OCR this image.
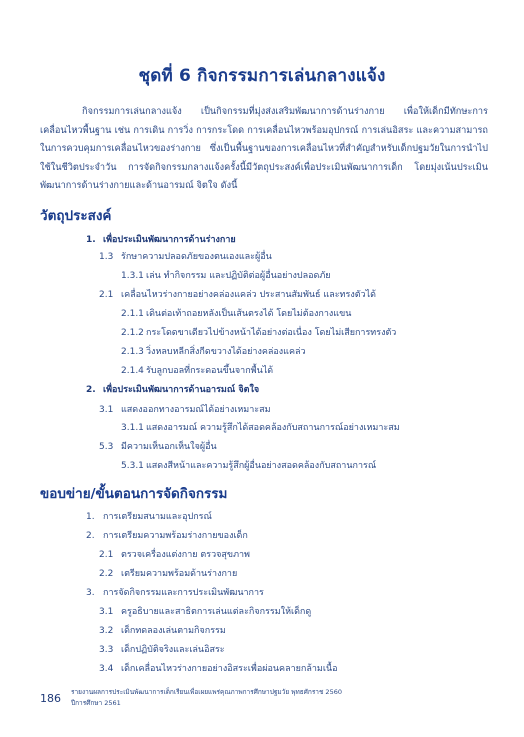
ชุดที่ 6 กิจกรรมการเล่นกลางแจ้ง
กิจกรรมการเล่นกลางแจ้ง เป็นกิจกรรมที่มุ่งส่งเสริมพัฒนาการด้านร่างกาย เพื่อให้เด็กมีทักษะการเคลื่อนไหวพื้นฐาน เช่น การเดิน การวิ่ง การกระโดด การเคลื่อนไหวพร้อมอุปกรณ์ การเล่นอิสระ และความสามารถในการควบคุมการเคลื่อนไหวของร่างกาย ซึ่งเป็นพื้นฐานของการเคลื่อนไหวที่สำคัญสำหรับเด็กปฐมวัยในการนำไปใช้ในชีวิตประจำวัน การจัดกิจกรรมกลางแจ้งครั้งนี้มีวัตถุประสงค์เพื่อประเมินพัฒนาการเด็ก โดยมุ่งเน้นประเมินพัฒนาการด้านร่างกายและด้านอารมณ์ จิตใจ ดังนี้
วัตถุประสงค์
1. เพื่อประเมินพัฒนาการด้านร่างกาย
1.3 รักษาความปลอดภัยของตนเองและผู้อื่น
1.3.1 เล่น ทำกิจกรรม และปฏิบัติต่อผู้อื่นอย่างปลอดภัย
2.1 เคลื่อนไหวร่างกายอย่างคล่องแคล่ว ประสานสัมพันธ์ และทรงตัวได้
2.1.1 เดินต่อเท้าถอยหลังเป็นเส้นตรงได้ โดยไม่ต้องกางแขน
2.1.2 กระโดดขาเดียวไปข้างหน้าได้อย่างต่อเนื่อง โดยไม่เสียการทรงตัว
2.1.3 วิ่งหลบหลีกสิ่งกีดขวางได้อย่างคล่องแคล่ว
2.1.4 รับลูกบอลที่กระดอนขึ้นจากพื้นได้
2. เพื่อประเมินพัฒนาการด้านอารมณ์ จิตใจ
3.1 แสดงออกทางอารมณ์ได้อย่างเหมาะสม
3.1.1 แสดงอารมณ์ ความรู้สึกได้สอดคล้องกับสถานการณ์อย่างเหมาะสม
5.3 มีความเห็นอกเห็นใจผู้อื่น
5.3.1 แสดงสีหน้าและความรู้สึกผู้อื่นอย่างสอดคล้องกับสถานการณ์
ขอบข่าย/ขั้นตอนการจัดกิจกรรม
1. การเตรียมสนามและอุปกรณ์
2. การเตรียมความพร้อมร่างกายของเด็ก
2.1 ตรวจเครื่องแต่งกาย ตรวจสุขภาพ
2.2 เตรียมความพร้อมด้านร่างกาย
3. การจัดกิจกรรมและการประเมินพัฒนาการ
3.1 ครูอธิบายและสาธิตการเล่นแต่ละกิจกรรมให้เด็กดู
3.2 เด็กทดลองเล่นตามกิจกรรม
3.3 เด็กปฏิบัติจริงและเล่นอิสระ
3.4 เด็กเคลื่อนไหวร่างกายอย่างอิสระเพื่อผ่อนคลายกล้ามเนื้อ
186 รายงานผลการประเมินพัฒนาการเด็กเรียนเพื่อเผยแพร่คุณภาพการศึกษาปฐมวัย พุทธศักราช 2560
ปีการศึกษา 2561
